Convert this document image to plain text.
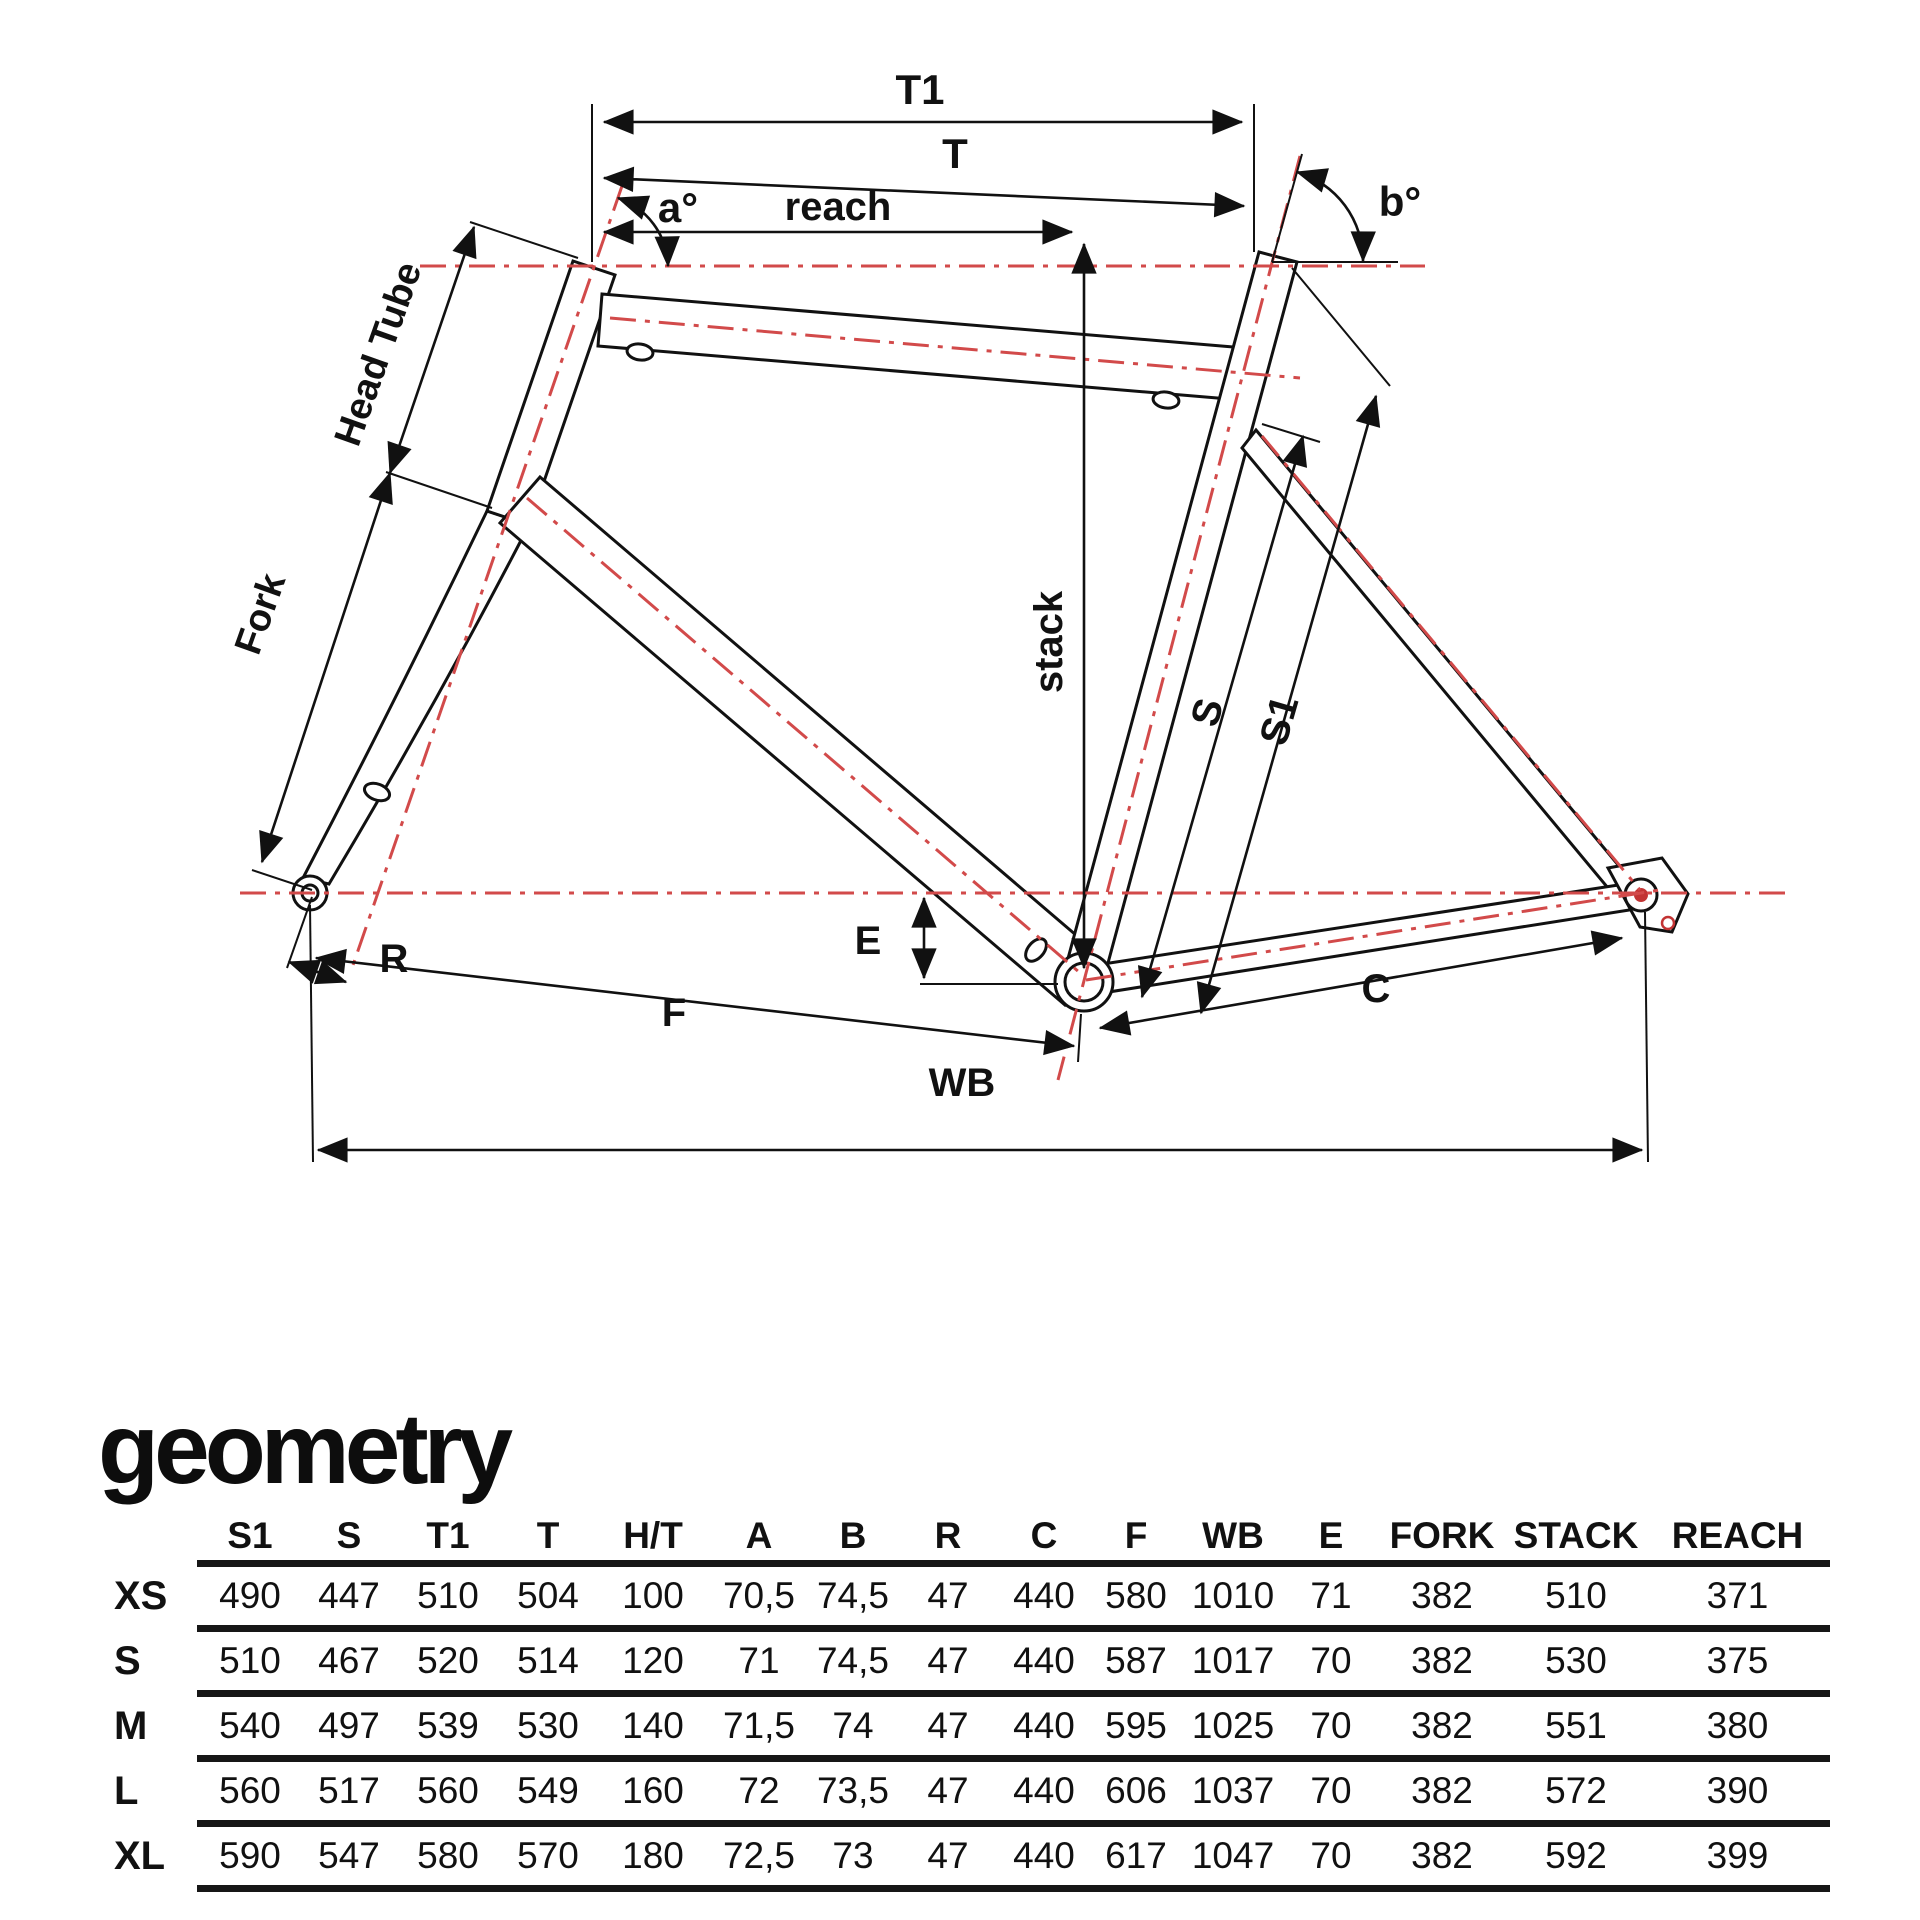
T1
T
reach
a°	b°
Head Tube
Fork	stack
S S1
R	E
F
C
WB
geometry
	S1	S	T1	T	H/T	A	B	R	C	F	WB	E	FORK	STACK	REACH
XS	490	447	510	504	100	70,5	74,5	47	440	580	1010	71	382	510	371
S	510	467	520	514	120	71	74,5	47	440	587	1017	70	382	530	375
M	540	497	539	530	140	71,5	74	47	440	595	1025	70	382	551	380
L	560	517	560	549	160	72	73,5	47	440	606	1037	70	382	572	390
XL	590	547	580	570	180	72,5	73	47	440	617	1047	70	382	592	399
